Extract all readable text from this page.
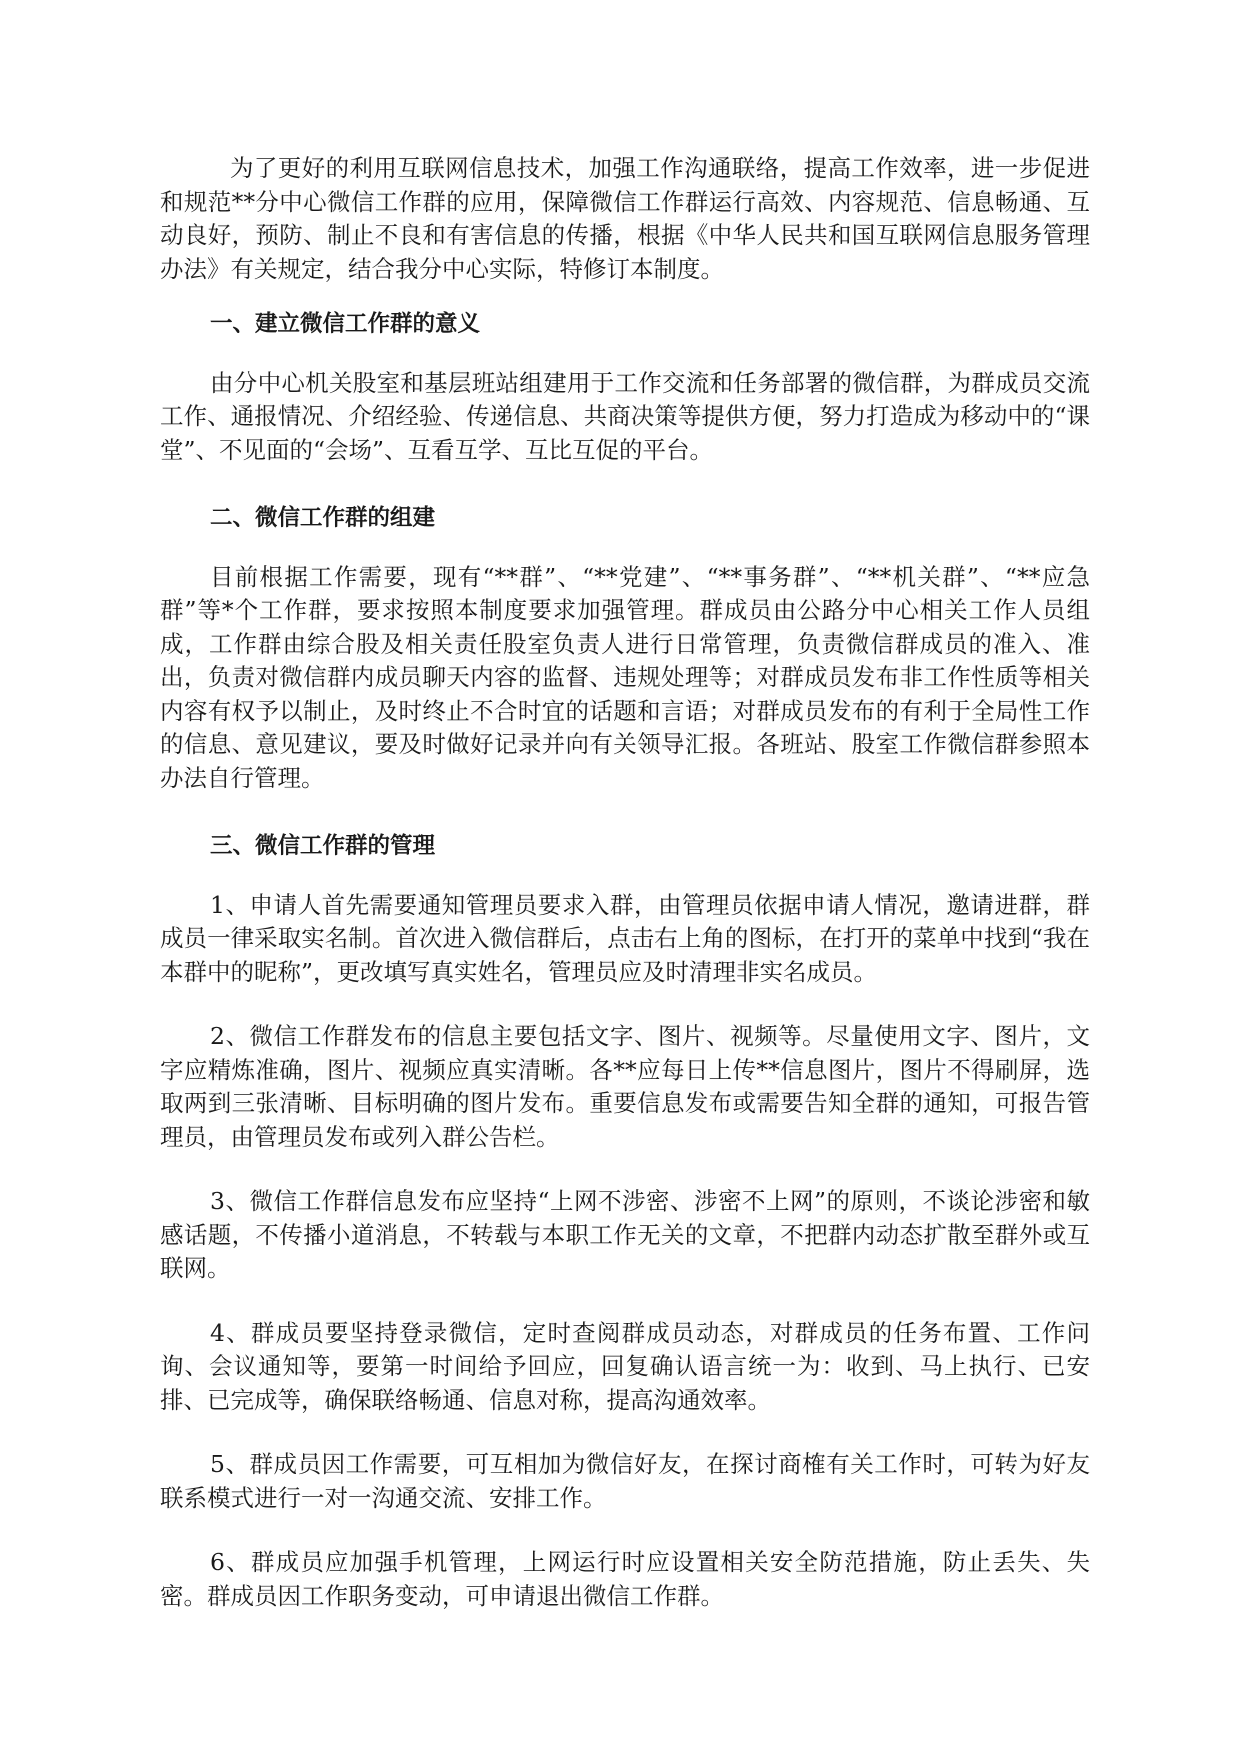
为了更好的利用互联网信息技术，加强工作沟通联络，提高工作效率，进一步促进和规范**分中心微信工作群的应用，保障微信工作群运行高效、内容规范、信息畅通、互动良好，预防、制止不良和有害信息的传播，根据《中华人民共和国互联网信息服务管理办法》有关规定，结合我分中心实际，特修订本制度。

一、建立微信工作群的意义

由分中心机关股室和基层班站组建用于工作交流和任务部署的微信群，为群成员交流工作、通报情况、介绍经验、传递信息、共商决策等提供方便，努力打造成为移动中的“课堂”、不见面的“会场”、互看互学、互比互促的平台。

二、微信工作群的组建

目前根据工作需要，现有“**群”、“**党建”、“**事务群”、“**机关群”、“**应急群”等*个工作群，要求按照本制度要求加强管理。群成员由公路分中心相关工作人员组成，工作群由综合股及相关责任股室负责人进行日常管理，负责微信群成员的准入、准出，负责对微信群内成员聊天内容的监督、违规处理等；对群成员发布非工作性质等相关内容有权予以制止，及时终止不合时宜的话题和言语；对群成员发布的有利于全局性工作的信息、意见建议，要及时做好记录并向有关领导汇报。各班站、股室工作微信群参照本办法自行管理。

三、微信工作群的管理

1、申请人首先需要通知管理员要求入群，由管理员依据申请人情况，邀请进群，群成员一律采取实名制。首次进入微信群后，点击右上角的图标，在打开的菜单中找到“我在本群中的昵称”，更改填写真实姓名，管理员应及时清理非实名成员。

2、微信工作群发布的信息主要包括文字、图片、视频等。尽量使用文字、图片，文字应精炼准确，图片、视频应真实清晰。各**应每日上传**信息图片，图片不得刷屏，选取两到三张清晰、目标明确的图片发布。重要信息发布或需要告知全群的通知，可报告管理员，由管理员发布或列入群公告栏。

3、微信工作群信息发布应坚持“上网不涉密、涉密不上网”的原则，不谈论涉密和敏感话题，不传播小道消息，不转载与本职工作无关的文章，不把群内动态扩散至群外或互联网。

4、群成员要坚持登录微信，定时查阅群成员动态，对群成员的任务布置、工作问询、会议通知等，要第一时间给予回应，回复确认语言统一为：收到、马上执行、已安排、已完成等，确保联络畅通、信息对称，提高沟通效率。

5、群成员因工作需要，可互相加为微信好友，在探讨商榷有关工作时，可转为好友联系模式进行一对一沟通交流、安排工作。

6、群成员应加强手机管理，上网运行时应设置相关安全防范措施，防止丢失、失密。群成员因工作职务变动，可申请退出微信工作群。
